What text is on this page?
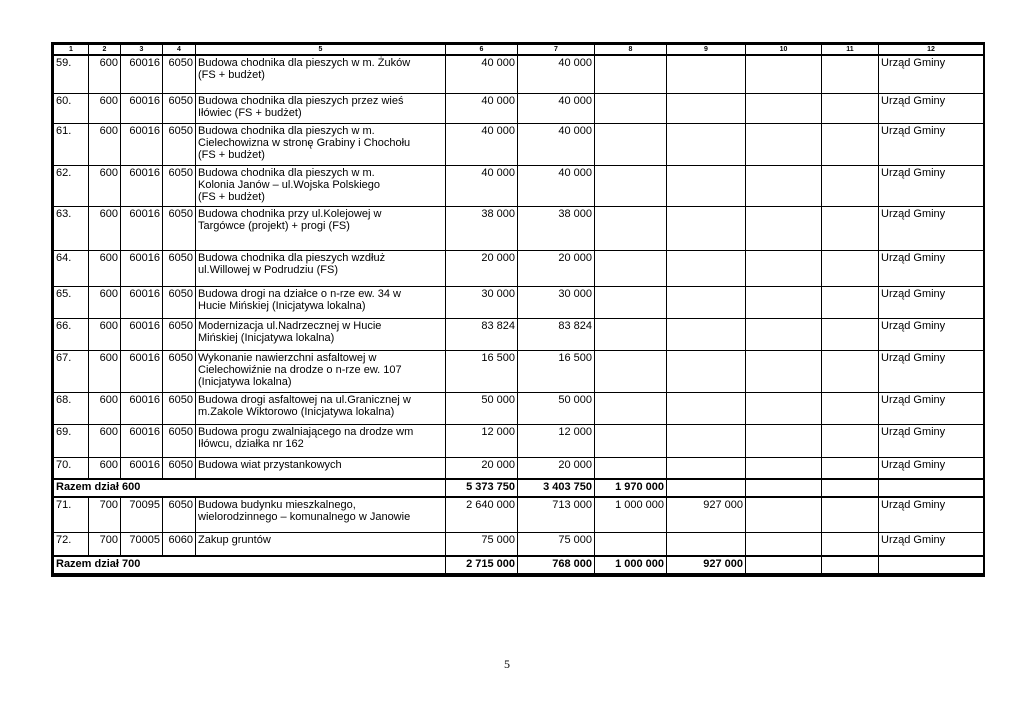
1	2	3	4	5	6	7	8	9	10	11	12
59.	600	60016	6050	Budowa chodnika dla pieszych w m. Żuków
(FS + budżet)	40 000	40 000					Urząd Gminy
60.	600	60016	6050	Budowa chodnika dla pieszych przez wieś
Iłówiec (FS + budżet)	40 000	40 000					Urząd Gminy
61.	600	60016	6050	Budowa chodnika dla pieszych w m.
Cielechowizna w stronę Grabiny i Chochołu
(FS + budżet)	40 000	40 000					Urząd Gminy
62.	600	60016	6050	Budowa chodnika dla pieszych w m.
Kolonia Janów – ul.Wojska Polskiego
(FS + budżet)	40 000	40 000					Urząd Gminy
63.	600	60016	6050	Budowa chodnika przy ul.Kolejowej w
Targówce (projekt) + progi (FS)	38 000	38 000					Urząd Gminy
64.	600	60016	6050	Budowa chodnika dla pieszych wzdłuż
ul.Willowej w Podrudziu (FS)	20 000	20 000					Urząd Gminy
65.	600	60016	6050	Budowa drogi na działce o n-rze ew. 34 w
Hucie Mińskiej (Inicjatywa lokalna)	30 000	30 000					Urząd Gminy
66.	600	60016	6050	Modernizacja ul.Nadrzecznej w Hucie
Mińskiej (Inicjatywa lokalna)	83 824	83 824					Urząd Gminy
67.	600	60016	6050	Wykonanie nawierzchni asfaltowej w
Cielechowiźnie na drodze o n-rze ew. 107
(Inicjatywa lokalna)	16 500	16 500					Urząd Gminy
68.	600	60016	6050	Budowa drogi asfaltowej na ul.Granicznej w
m.Zakole Wiktorowo (Inicjatywa lokalna)	50 000	50 000					Urząd Gminy
69.	600	60016	6050	Budowa progu zwalniającego na drodze wm
Iłówcu, działka nr 162	12 000	12 000					Urząd Gminy
70.	600	60016	6050	Budowa wiat przystankowych	20 000	20 000					Urząd Gminy
Razem dział 600					5 373 750	3 403 750	1 970 000				
71.	700	70095	6050	Budowa budynku mieszkalnego,
wielorodzinnego – komunalnego w Janowie	2 640 000	713 000	1 000 000	927 000			Urząd Gminy
72.	700	70005	6060	Zakup gruntów	75 000	75 000					Urząd Gminy
Razem dział 700					2 715 000	768 000	1 000 000	927 000			
5
